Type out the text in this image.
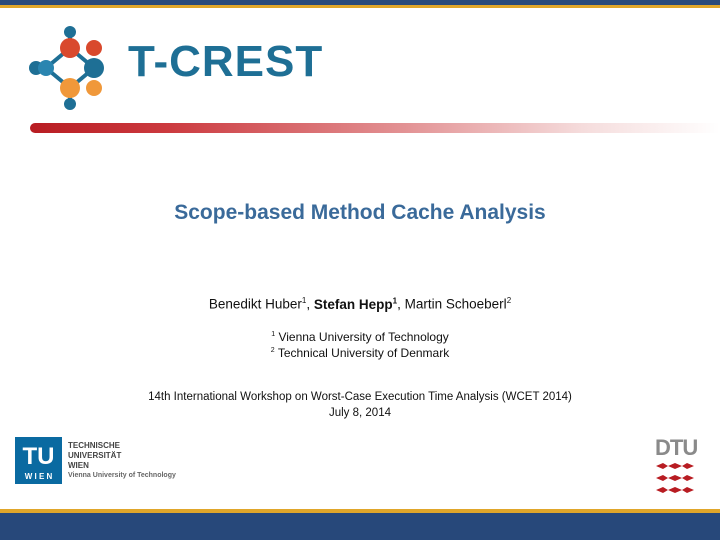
T-CREST
Scope-based Method Cache Analysis
Benedikt Huber$^1$, Stefan Hepp$^1$, Martin Schoeberl$^2$
$^1$ Vienna University of Technology
$^2$ Technical University of Denmark
14th International Workshop on Worst-Case Execution Time Analysis (WCET 2014)
July 8, 2014
TU
W I E N
TECHNISCHE
UNIVERSITÄT
WIEN
Vienna University of Technology
DTU
